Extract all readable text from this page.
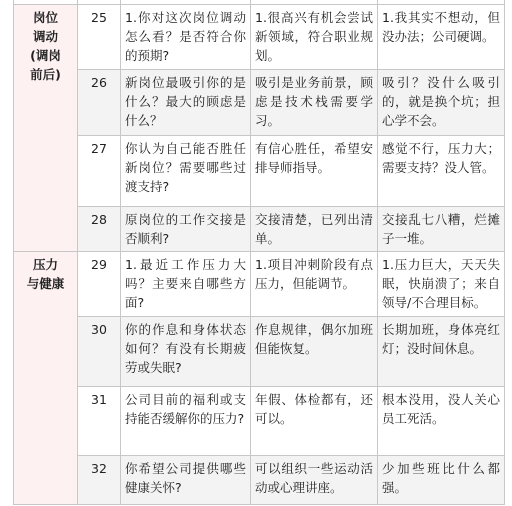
岗位
调动
(调岗
前后)	25	1.你对这次岗位调动怎么看？是否符合你的预期?	1.很高兴有机会尝试新领域，符合职业规划。	1.我其实不想动，但没办法；公司硬调。
	26	新岗位最吸引你的是什么？最大的顾虑是什么？	吸引是业务前景，顾虑是技术栈需要学习。	吸引？没什么吸引的，就是换个坑；担心学不会。
	27	你认为自己能否胜任新岗位？需要哪些过渡支持?	有信心胜任，希望安排导师指导。	感觉不行，压力大；需要支持？没人管。
	28	原岗位的工作交接是否顺利?	交接清楚，已列出清单。	交接乱七八糟，烂摊子一堆。
压力
与健康	29	1.最近工作压力大吗？主要来自哪些方面?	1.项目冲刺阶段有点压力，但能调节。	1.压力巨大，天天失眠，快崩溃了；来自领导/不合理目标。
	30	你的作息和身体状态如何？有没有长期疲劳或失眠?	作息规律，偶尔加班但能恢复。	长期加班，身体亮红灯；没时间休息。
	31	公司目前的福利或支持能否缓解你的压力?	年假、体检都有，还可以。	根本没用，没人关心员工死活。
	32	你希望公司提供哪些健康关怀?	可以组织一些运动活动或心理讲座。	少加些班比什么都强。
